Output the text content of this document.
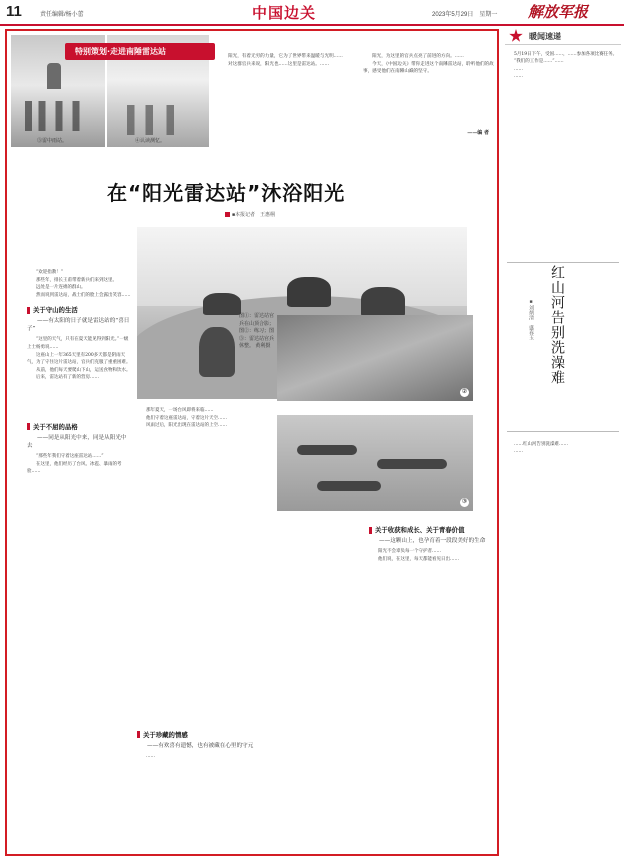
11	责任编辑/杨小蕾	中国边关	2023年5月29日　星期一 解放军报
特别策划·走进南陲雷达站
③雷中雨站。	④认读测忆。

阳光，有着无穷的力量，它为了世界带来温暖与光明……

对这群官兵来说，阳光也……这里是雷达站。……

阳光，为这里的官兵点亮了前进的方向。……

今天，《中国边关》带你走进这个南陲雷达站，聆听他们的故事，感受他们在南陲山巅的坚守。

——编 者
在“阳光雷达站”沐浴阳光
■本报记者　王惠栩

“欢迎指教！”

那些年，排长王甫带着新兵们来到这里。

远处是一片连绵的群山。

然而说到雷达站，战士们的脸上会露出笑容……

关于守山的生活
——有太阳的日子就是雷达站的“喜日子”

“这里的天气，只有在夏天能见得到阳光。”一级上士杨勇说……

这座山上一年365天里有200多天都是阴雨天气，为了守住这片雷达站，官兵们克服了重重困难。

从前，他们每天要爬山下山，运送食物和饮水。

后来，雷达站有了新的营房……

关于不屈的品格
——同是从阳光中来，同是从阳光中去

“那些年我们守着这座雷达站……”

在这里，他们经历了台风、冰雹、暴雨的考验……

那年夏天，一场台风即将来临……

他们守着这座雷达站，守着这片天空……

风雨过后，阳光出现在雷达站的上空……

关于珍藏的情感
——有欢喜有遗憾，也有被藏在心里的守元

……

②
③
图①：雷达站官兵在山顶合影；图②：练习；图③：雷达站官兵休整。 黄利摄
关于收获和成长、关于青春价值
——这颗山上，也孕育着一段段美好的生命

阳光不会辜负每一个守护者……

他们说，在这里，每天都能看见日出……

暖闻速递

5月19日下午，受国……，……参加各项比赛任务。

“我们的工作是……”……

……

……

红山河告别洗澡难
■刘炳清　盛春玉

……红山河告别洗澡难……

……
